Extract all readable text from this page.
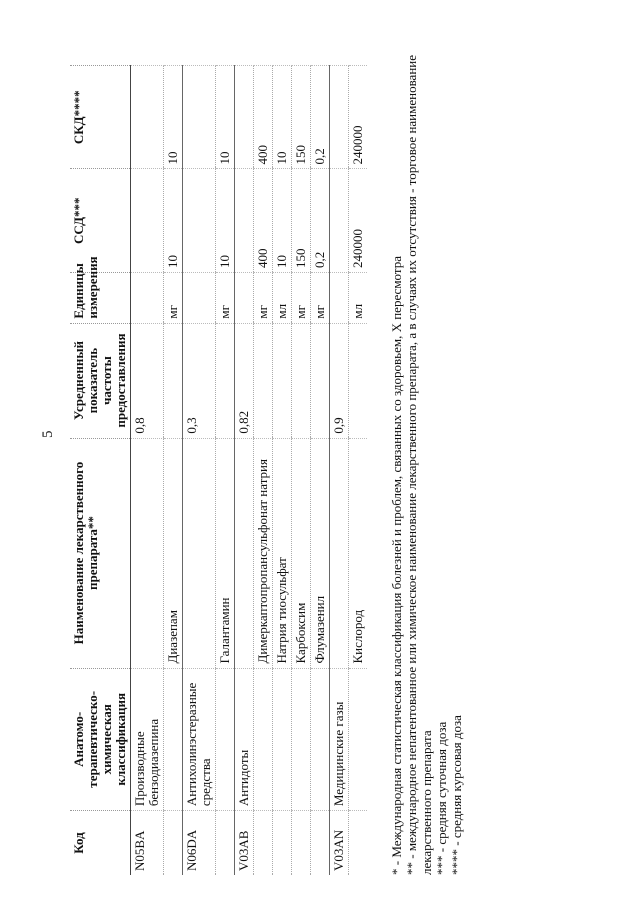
5
Код	Анатомо-терапевтическо-химическая классификация	Наименование лекарственного препарата**	Усредненный показатель частоты предоставления	Единицы измерения	ССД***	СКД****
N05BA	Производные бензодиазепина		0,8			
		Диазепам		мг	10	10
N06DA	Антихолинэстеразные средства		0,3			
		Галантамин		мг	10	10
V03AB	Антидоты		0,82			
		Димеркаптопропансульфонат натрия		мг	400	400
		Натрия тиосульфат		мл	10	10
		Карбоксим		мг	150	150
		Флумазенил		мг	0,2	0,2
V03AN	Медицинские газы		0,9			
		Кислород		мл	240000	240000

* - Международная статистическая классификация болезней и проблем, связанных со здоровьем, X пересмотра ** - международное непатентованное или химическое наименование лекарственного препарата, а в случаях их отсутствия - торговое наименование лекарственного препарата *** - средняя суточная доза **** - средняя курсовая доза
